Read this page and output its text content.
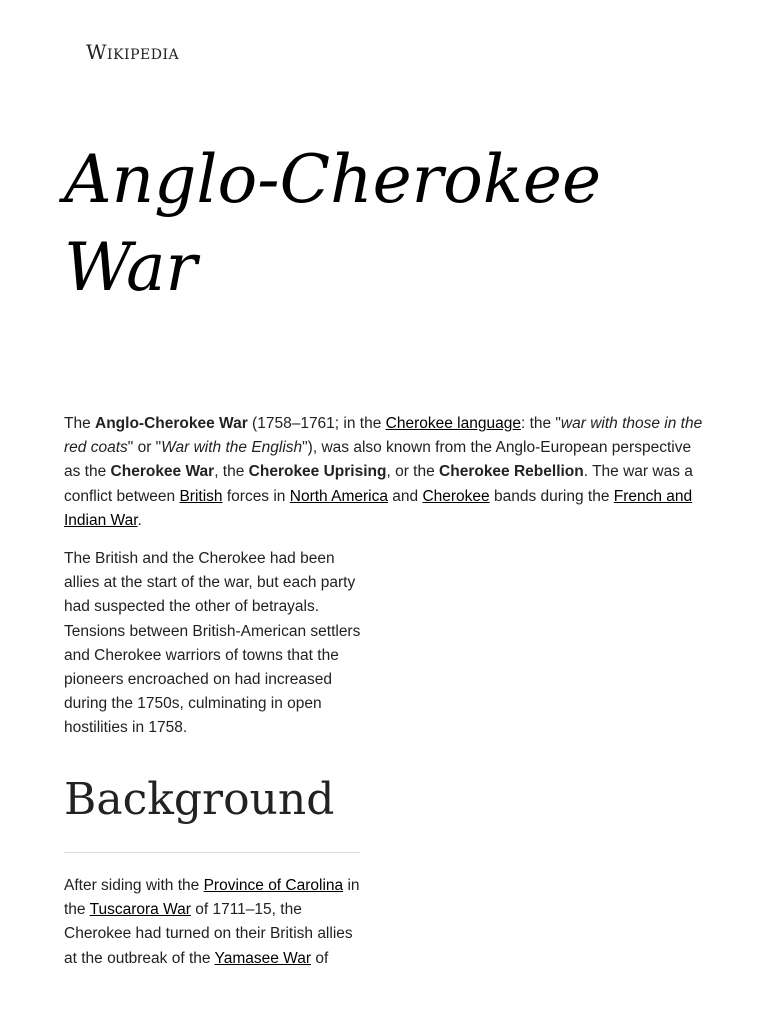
Wikipedia
Anglo-Cherokee War

The Anglo-Cherokee War (1758–1761; in the Cherokee language: the "war with those in the red coats" or "War with the English"), was also known from the Anglo-European perspective as the Cherokee War, the Cherokee Uprising, or the Cherokee Rebellion. The war was a conflict between British forces in North America and Cherokee bands during the French and Indian War.

The British and the Cherokee had been allies at the start of the war, but each party had suspected the other of betrayals. Tensions between British-American settlers and Cherokee warriors of towns that the pioneers encroached on had increased during the 1750s, culminating in open hostilities in 1758.

Background

After siding with the Province of Carolina in the Tuscarora War of 1711–15, the Cherokee had turned on their British allies at the outbreak of the Yamasee War of
